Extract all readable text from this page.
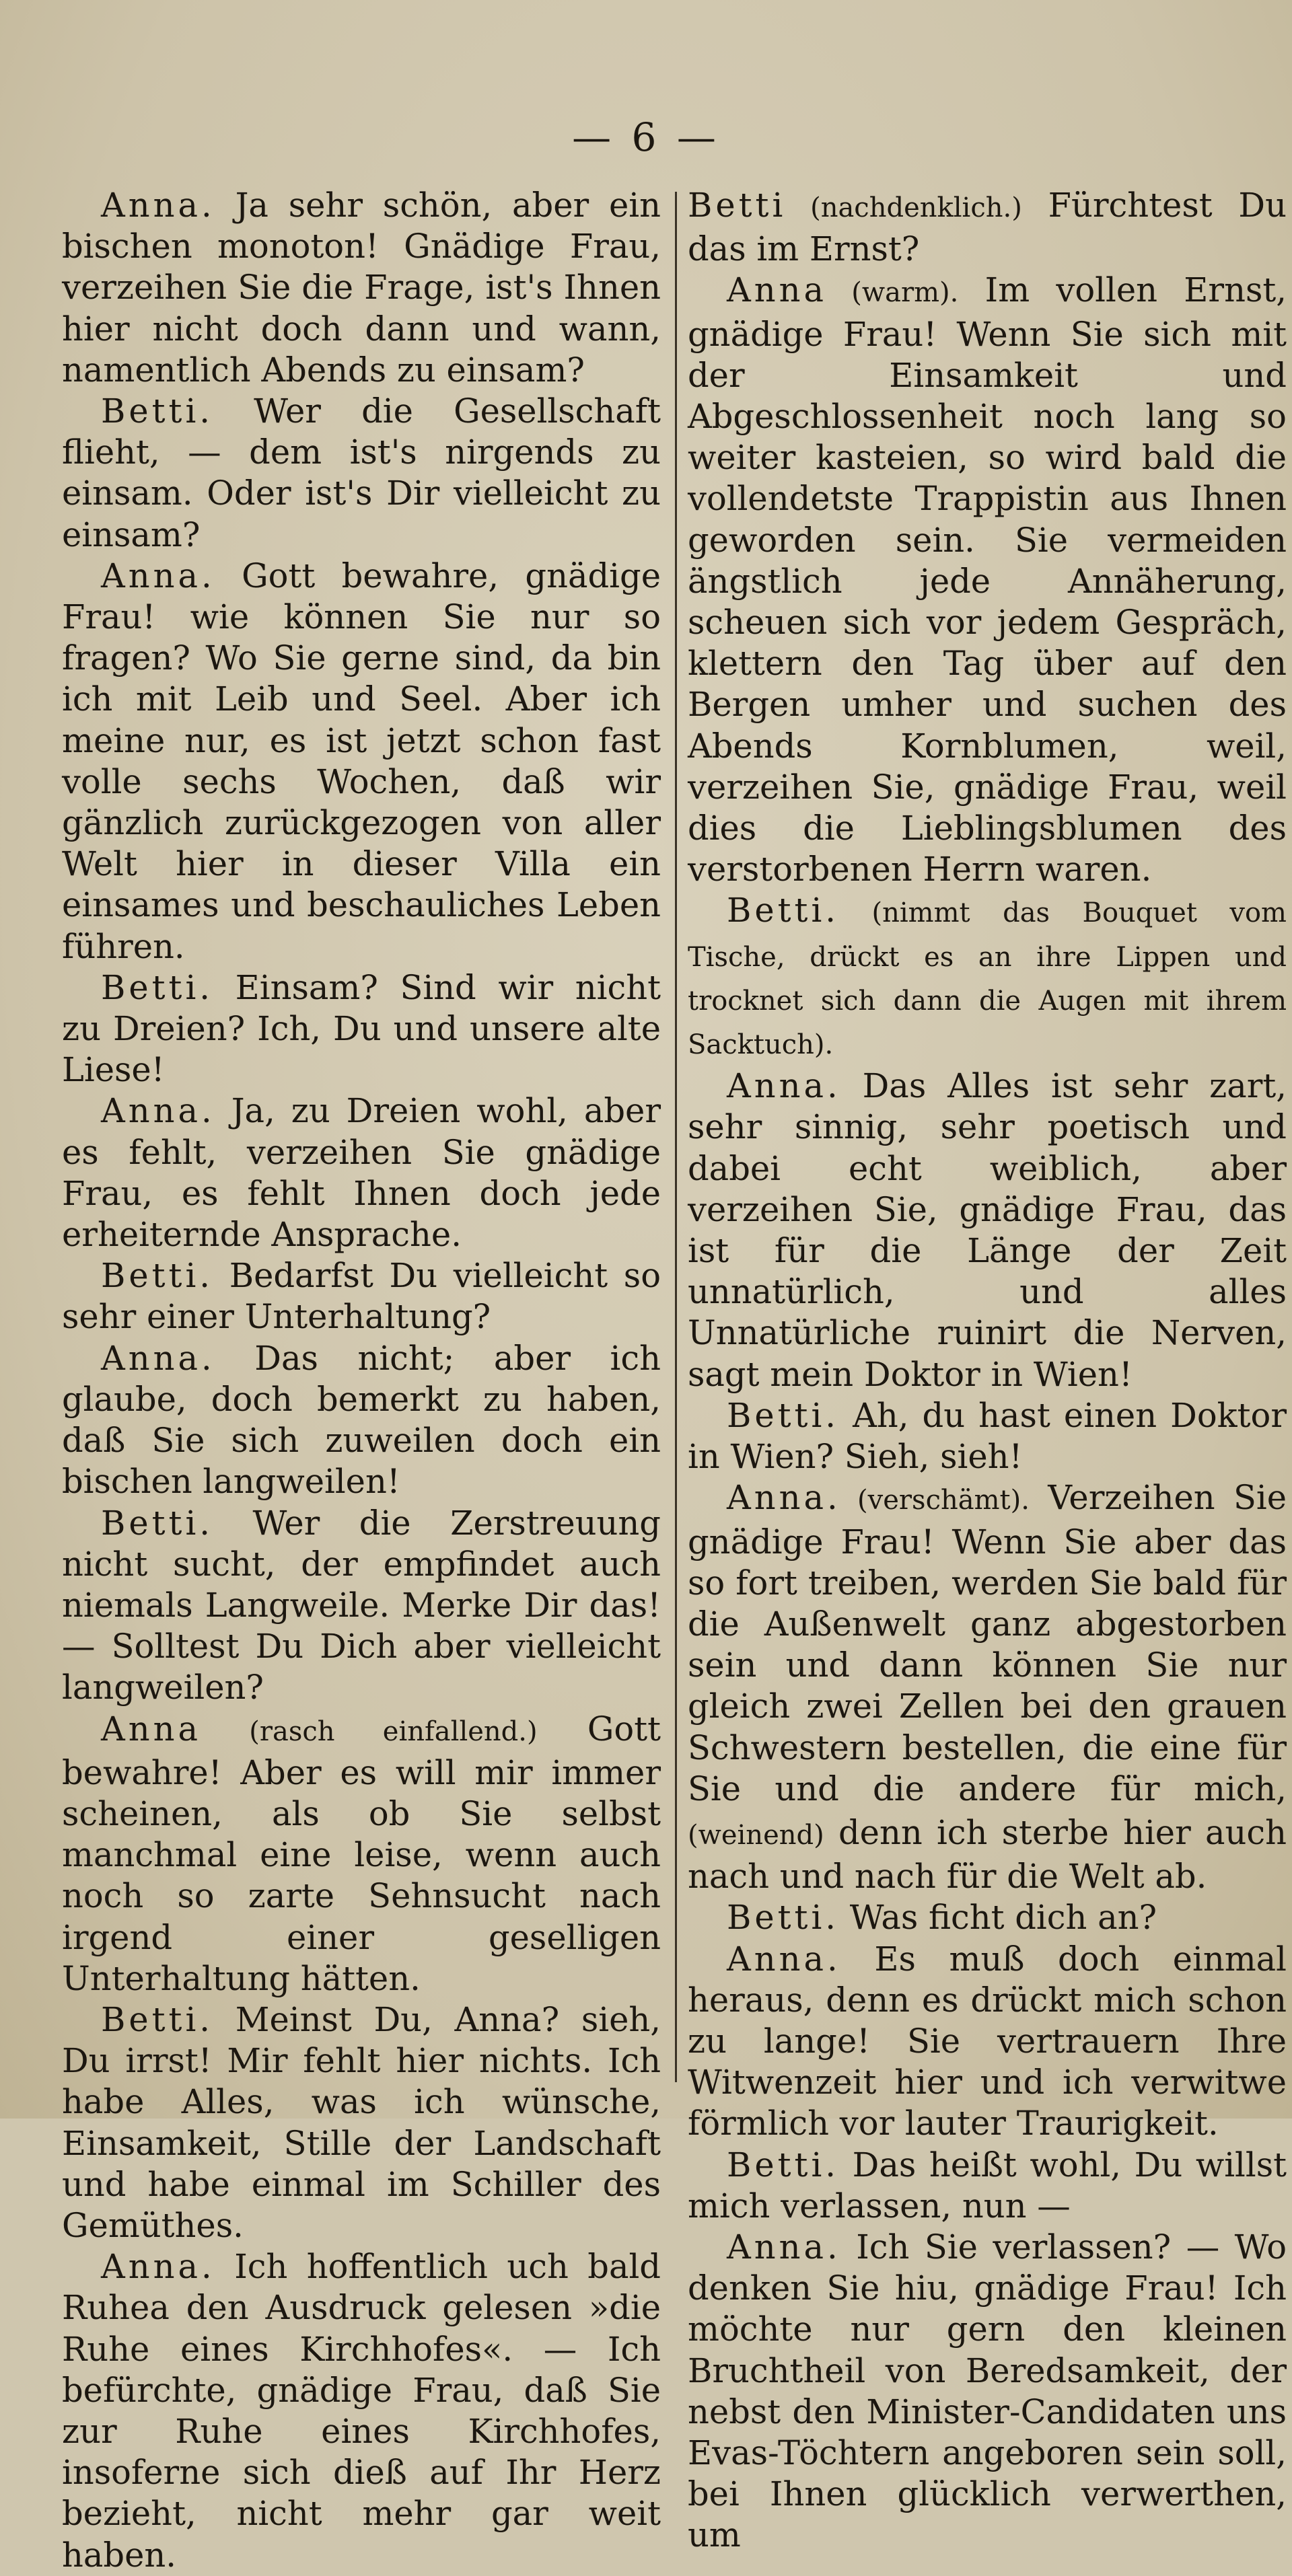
— 6 —

Anna. Ja sehr schön, aber ein bischen monoton! Gnädige Frau, verzeihen Sie die Frage, ist's Ihnen hier nicht doch dann und wann, namentlich Abends zu einsam?

Betti. Wer die Gesellschaft flieht, — dem ist's nirgends zu einsam. Oder ist's Dir vielleicht zu einsam?

Anna. Gott bewahre, gnädige Frau! wie können Sie nur so fragen? Wo Sie gerne sind, da bin ich mit Leib und Seel. Aber ich meine nur, es ist jetzt schon fast volle sechs Wochen, daß wir gänzlich zurückgezogen von aller Welt hier in dieser Villa ein einsames und beschauliches Leben führen.

Betti. Einsam? Sind wir nicht zu Dreien? Ich, Du und unsere alte Liese!

Anna. Ja, zu Dreien wohl, aber es fehlt, verzeihen Sie gnädige Frau, es fehlt Ihnen doch jede erheiternde Ansprache.

Betti. Bedarfst Du vielleicht so sehr einer Unterhaltung?

Anna. Das nicht; aber ich glaube, doch bemerkt zu haben, daß Sie sich zuweilen doch ein bischen langweilen!

Betti. Wer die Zerstreuung nicht sucht, der empfindet auch niemals Langweile. Merke Dir das! — Solltest Du Dich aber vielleicht langweilen?

Anna (rasch einfallend.) Gott bewahre! Aber es will mir immer scheinen, als ob Sie selbst manchmal eine leise, wenn auch noch so zarte Sehnsucht nach irgend einer geselligen Unterhaltung hätten.

Betti. Meinst Du, Anna? sieh, Du irrst! Mir fehlt hier nichts. Ich habe Alles, was ich wünsche, Einsamkeit, Stille der Landschaft und habe einmal im Schiller des Gemüthes.

Anna. Ich hoffentlich uch bald Ruhea den Ausdruck gelesen »die Ruhe eines Kirchhofes«. — Ich befürchte, gnädige Frau, daß Sie zur Ruhe eines Kirchhofes, insoferne sich dieß auf Ihr Herz bezieht, nicht mehr gar weit haben.

Betti (nachdenklich.) Fürchtest Du das im Ernst?

Anna (warm). Im vollen Ernst, gnädige Frau! Wenn Sie sich mit der Einsamkeit und Abgeschlossenheit noch lang so weiter kasteien, so wird bald die vollendetste Trappistin aus Ihnen geworden sein. Sie vermeiden ängstlich jede Annäherung, scheuen sich vor jedem Gespräch, klettern den Tag über auf den Bergen umher und suchen des Abends Kornblumen, weil, verzeihen Sie, gnädige Frau, weil dies die Lieblingsblumen des verstorbenen Herrn waren.

Betti. (nimmt das Bouquet vom Tische, drückt es an ihre Lippen und trocknet sich dann die Augen mit ihrem Sacktuch).

Anna. Das Alles ist sehr zart, sehr sinnig, sehr poetisch und dabei echt weiblich, aber verzeihen Sie, gnädige Frau, das ist für die Länge der Zeit unnatürlich, und alles Unnatürliche ruinirt die Nerven, sagt mein Doktor in Wien!

Betti. Ah, du hast einen Doktor in Wien? Sieh, sieh!

Anna. (verschämt). Verzeihen Sie gnädige Frau! Wenn Sie aber das so fort treiben, werden Sie bald für die Außenwelt ganz abgestorben sein und dann können Sie nur gleich zwei Zellen bei den grauen Schwestern bestellen, die eine für Sie und die andere für mich, (weinend) denn ich sterbe hier auch nach und nach für die Welt ab.

Betti. Was ficht dich an?

Anna. Es muß doch einmal heraus, denn es drückt mich schon zu lange! Sie vertrauern Ihre Witwenzeit hier und ich verwitwe förmlich vor lauter Traurigkeit.

Betti. Das heißt wohl, Du willst mich verlassen, nun —

Anna. Ich Sie verlassen? — Wo denken Sie hiu, gnädige Frau! Ich möchte nur gern den kleinen Bruchtheil von Beredsamkeit, der nebst den Minister-Candidaten uns Evas-Töchtern angeboren sein soll, bei Ihnen glücklich verwerthen, um
